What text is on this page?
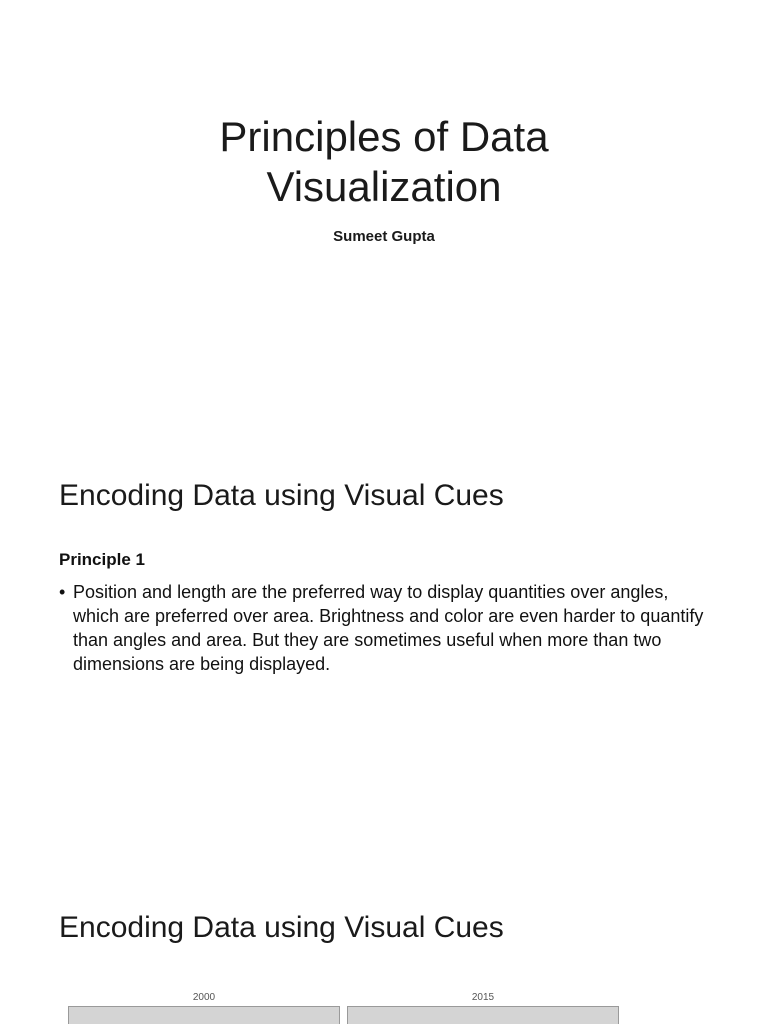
Principles of Data
Visualization

Sumeet Gupta

Encoding Data using Visual Cues

Principle 1

• Position and length are the preferred way to display quantities over angles, which are preferred over area. Brightness and color are even harder to quantify than angles and area. But they are sometimes useful when more than two dimensions are being displayed.
Encoding Data using Visual Cues
2000	2015
